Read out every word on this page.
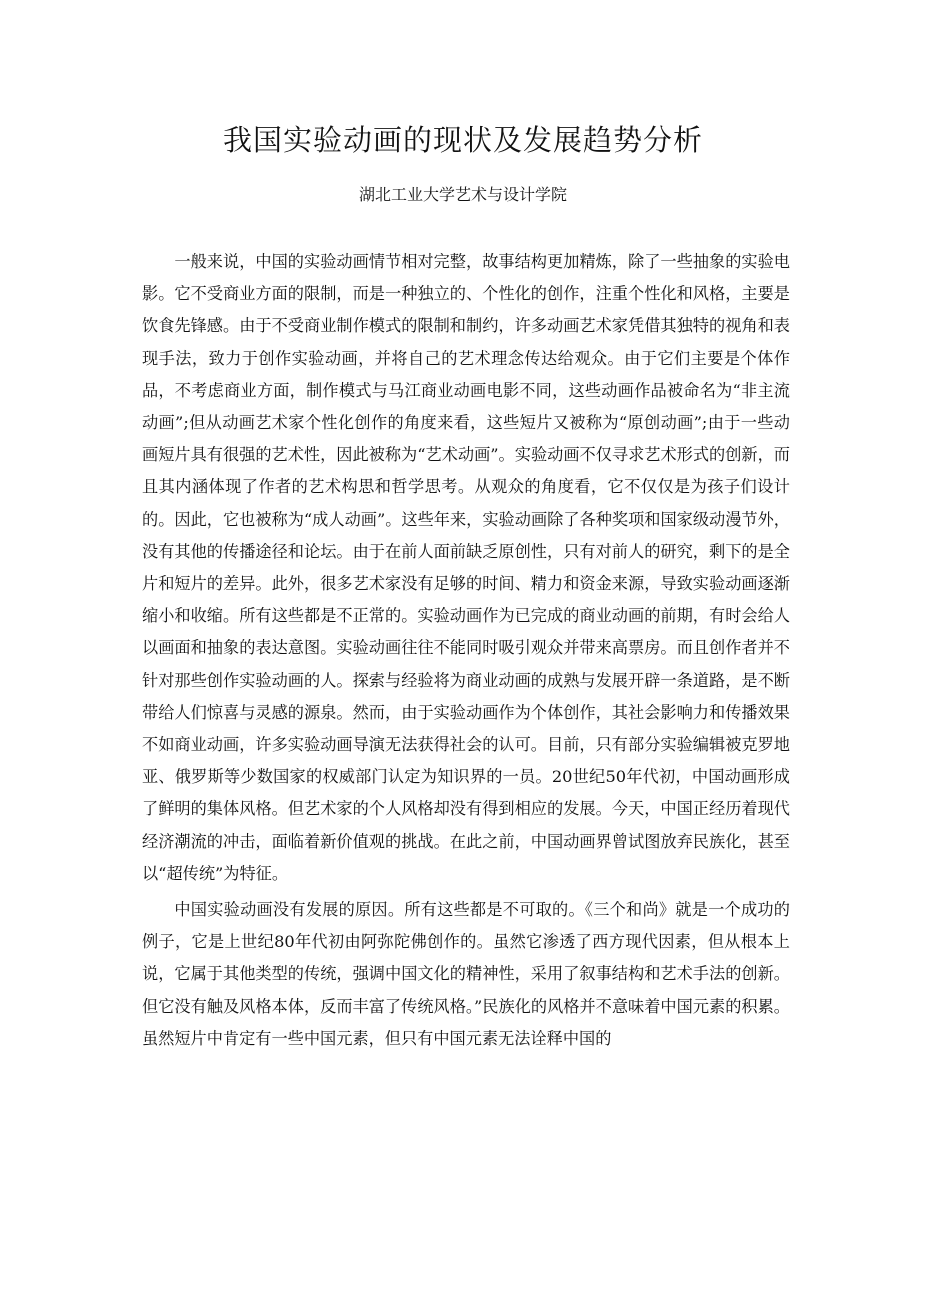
我国实验动画的现状及发展趋势分析
湖北工业大学艺术与设计学院

一般来说，中国的实验动画情节相对完整，故事结构更加精炼，除了一些抽象的实验电影。它不受商业方面的限制，而是一种独立的、个性化的创作，注重个性化和风格，主要是饮食先锋感。由于不受商业制作模式的限制和制约，许多动画艺术家凭借其独特的视角和表现手法，致力于创作实验动画，并将自己的艺术理念传达给观众。由于它们主要是个体作品，不考虑商业方面，制作模式与马江商业动画电影不同，这些动画作品被命名为“非主流动画”;但从动画艺术家个性化创作的角度来看，这些短片又被称为“原创动画”;由于一些动画短片具有很强的艺术性，因此被称为“艺术动画”。实验动画不仅寻求艺术形式的创新，而且其内涵体现了作者的艺术构思和哲学思考。从观众的角度看，它不仅仅是为孩子们设计的。因此，它也被称为“成人动画”。这些年来，实验动画除了各种奖项和国家级动漫节外，没有其他的传播途径和论坛。由于在前人面前缺乏原创性，只有对前人的研究，剩下的是全片和短片的差异。此外，很多艺术家没有足够的时间、精力和资金来源，导致实验动画逐渐缩小和收缩。所有这些都是不正常的。实验动画作为已完成的商业动画的前期，有时会给人以画面和抽象的表达意图。实验动画往往不能同时吸引观众并带来高票房。而且创作者并不针对那些创作实验动画的人。探索与经验将为商业动画的成熟与发展开辟一条道路，是不断带给人们惊喜与灵感的源泉。然而，由于实验动画作为个体创作，其社会影响力和传播效果不如商业动画，许多实验动画导演无法获得社会的认可。目前，只有部分实验编辑被克罗地亚、俄罗斯等少数国家的权威部门认定为知识界的一员。20世纪50年代初，中国动画形成了鲜明的集体风格。但艺术家的个人风格却没有得到相应的发展。今天，中国正经历着现代经济潮流的冲击，面临着新价值观的挑战。在此之前，中国动画界曾试图放弃民族化，甚至以“超传统”为特征。

中国实验动画没有发展的原因。所有这些都是不可取的。《三个和尚》就是一个成功的例子，它是上世纪80年代初由阿弥陀佛创作的。虽然它渗透了西方现代因素，但从根本上说，它属于其他类型的传统，强调中国文化的精神性，采用了叙事结构和艺术手法的创新。但它没有触及风格本体，反而丰富了传统风格。”民族化的风格并不意味着中国元素的积累。虽然短片中肯定有一些中国元素，但只有中国元素无法诠释中国的
